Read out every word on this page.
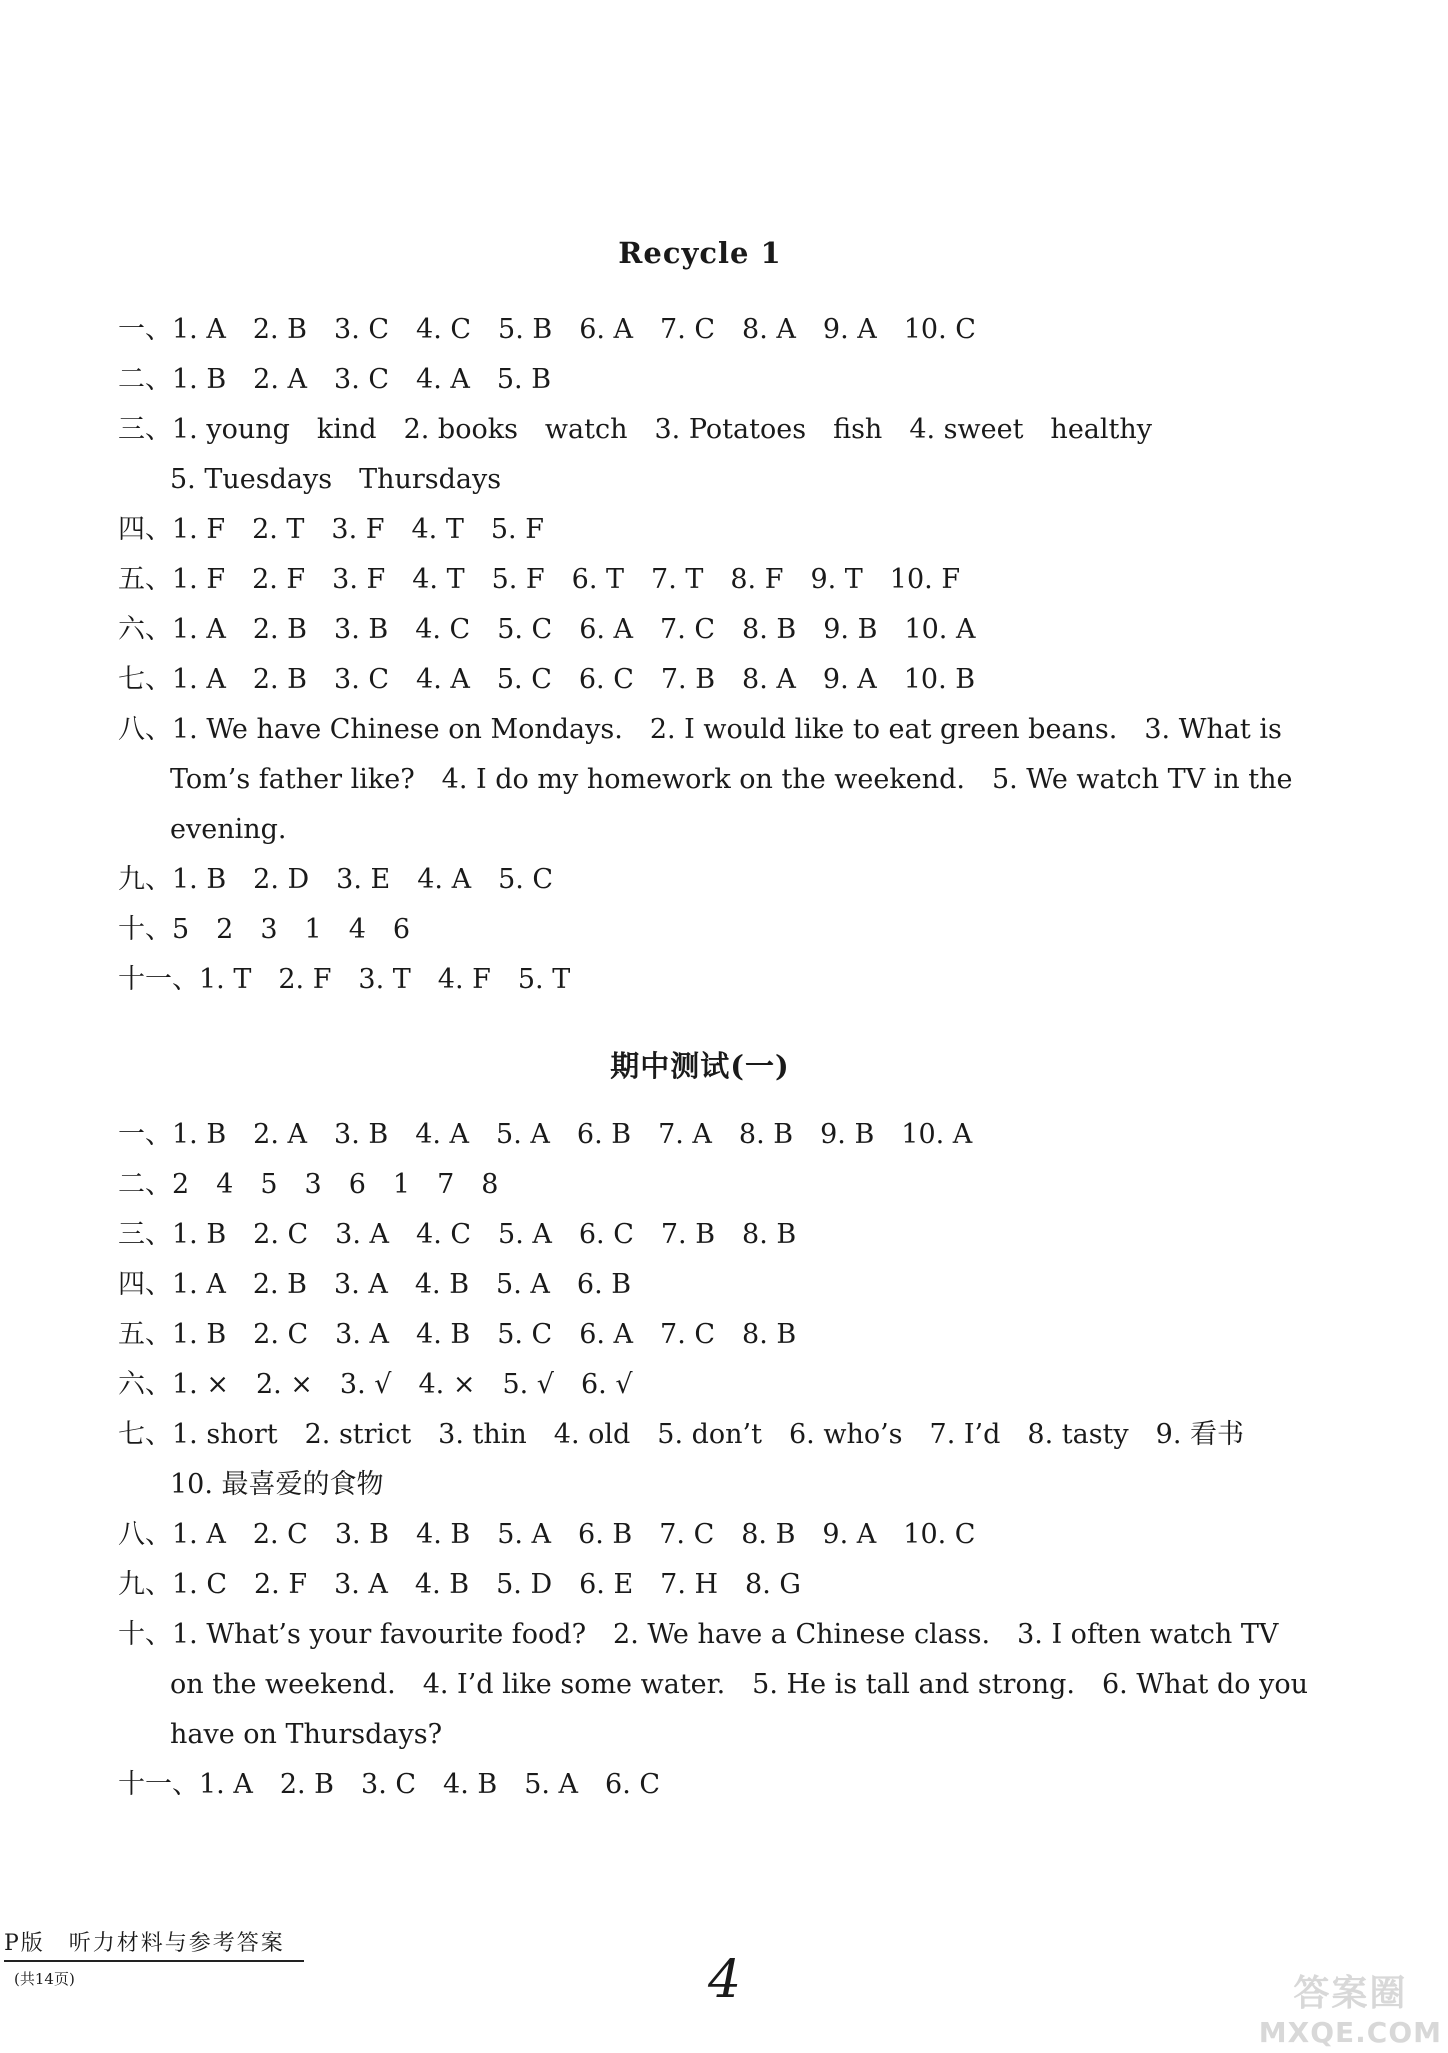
Recycle 1
一、1. A　2. B　3. C　4. C　5. B　6. A　7. C　8. A　9. A　10. C
二、1. B　2. A　3. C　4. A　5. B
三、1. young　kind　2. books　watch　3. Potatoes　fish　4. sweet　healthy
5. Tuesdays　Thursdays
四、1. F　2. T　3. F　4. T　5. F
五、1. F　2. F　3. F　4. T　5. F　6. T　7. T　8. F　9. T　10. F
六、1. A　2. B　3. B　4. C　5. C　6. A　7. C　8. B　9. B　10. A
七、1. A　2. B　3. C　4. A　5. C　6. C　7. B　8. A　9. A　10. B
八、1. We have Chinese on Mondays.　2. I would like to eat green beans.　3. What is
Tom’s father like?　4. I do my homework on the weekend.　5. We watch TV in the
evening.
九、1. B　2. D　3. E　4. A　5. C
十、5　2　3　1　4　6
十一、1. T　2. F　3. T　4. F　5. T
期中测试(一)
一、1. B　2. A　3. B　4. A　5. A　6. B　7. A　8. B　9. B　10. A
二、2　4　5　3　6　1　7　8
三、1. B　2. C　3. A　4. C　5. A　6. C　7. B　8. B
四、1. A　2. B　3. A　4. B　5. A　6. B
五、1. B　2. C　3. A　4. B　5. C　6. A　7. C　8. B
六、1. ×　2. ×　3. √　4. ×　5. √　6. √
七、1. short　2. strict　3. thin　4. old　5. don’t　6. who’s　7. I’d　8. tasty　9. 看书
10. 最喜爱的食物
八、1. A　2. C　3. B　4. B　5. A　6. B　7. C　8. B　9. A　10. C
九、1. C　2. F　3. A　4. B　5. D　6. E　7. H　8. G
十、1. What’s your favourite food?　2. We have a Chinese class.　3. I often watch TV
on the weekend.　4. I’d like some water.　5. He is tall and strong.　6. What do you
have on Thursdays?
十一、1. A　2. B　3. C　4. B　5. A　6. C
P版　听力材料与参考答案
(共14页)	4	答案圈
MXQE.COM
